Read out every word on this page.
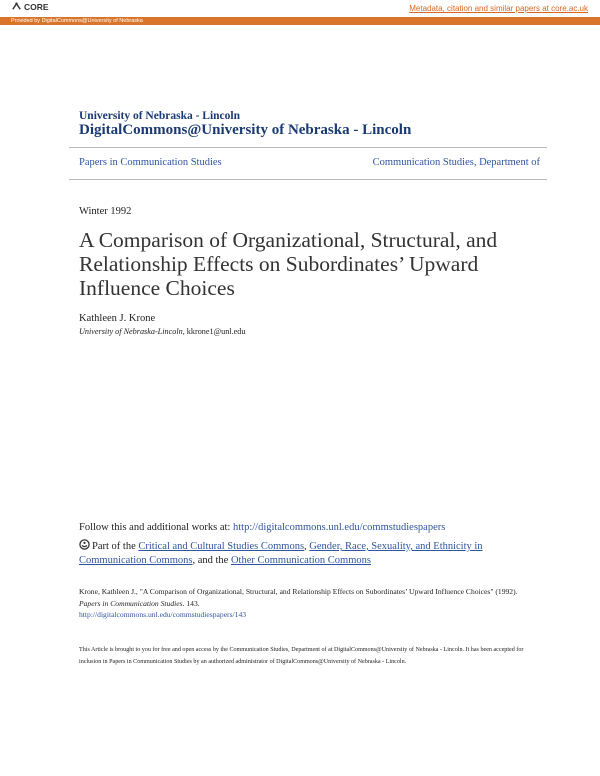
CORE	Metadata, citation and similar papers at core.ac.uk
Provided by DigitalCommons@University of Nebraska
University of Nebraska - Lincoln
DigitalCommons@University of Nebraska - Lincoln
Papers in Communication Studies	Communication Studies, Department of
Winter 1992
A Comparison of Organizational, Structural, and Relationship Effects on Subordinates’ Upward Influence Choices
Kathleen J. Krone
University of Nebraska-Lincoln, kkrone1@unl.edu
Follow this and additional works at: http://digitalcommons.unl.edu/commstudiespapers
Part of the Critical and Cultural Studies Commons, Gender, Race, Sexuality, and Ethnicity in Communication Commons, and the Other Communication Commons
Krone, Kathleen J., "A Comparison of Organizational, Structural, and Relationship Effects on Subordinates’ Upward Influence Choices" (1992). Papers in Communication Studies. 143.
http://digitalcommons.unl.edu/commstudiespapers/143
This Article is brought to you for free and open access by the Communication Studies, Department of at DigitalCommons@University of Nebraska - Lincoln. It has been accepted for inclusion in Papers in Communication Studies by an authorized administrator of DigitalCommons@University of Nebraska - Lincoln.
